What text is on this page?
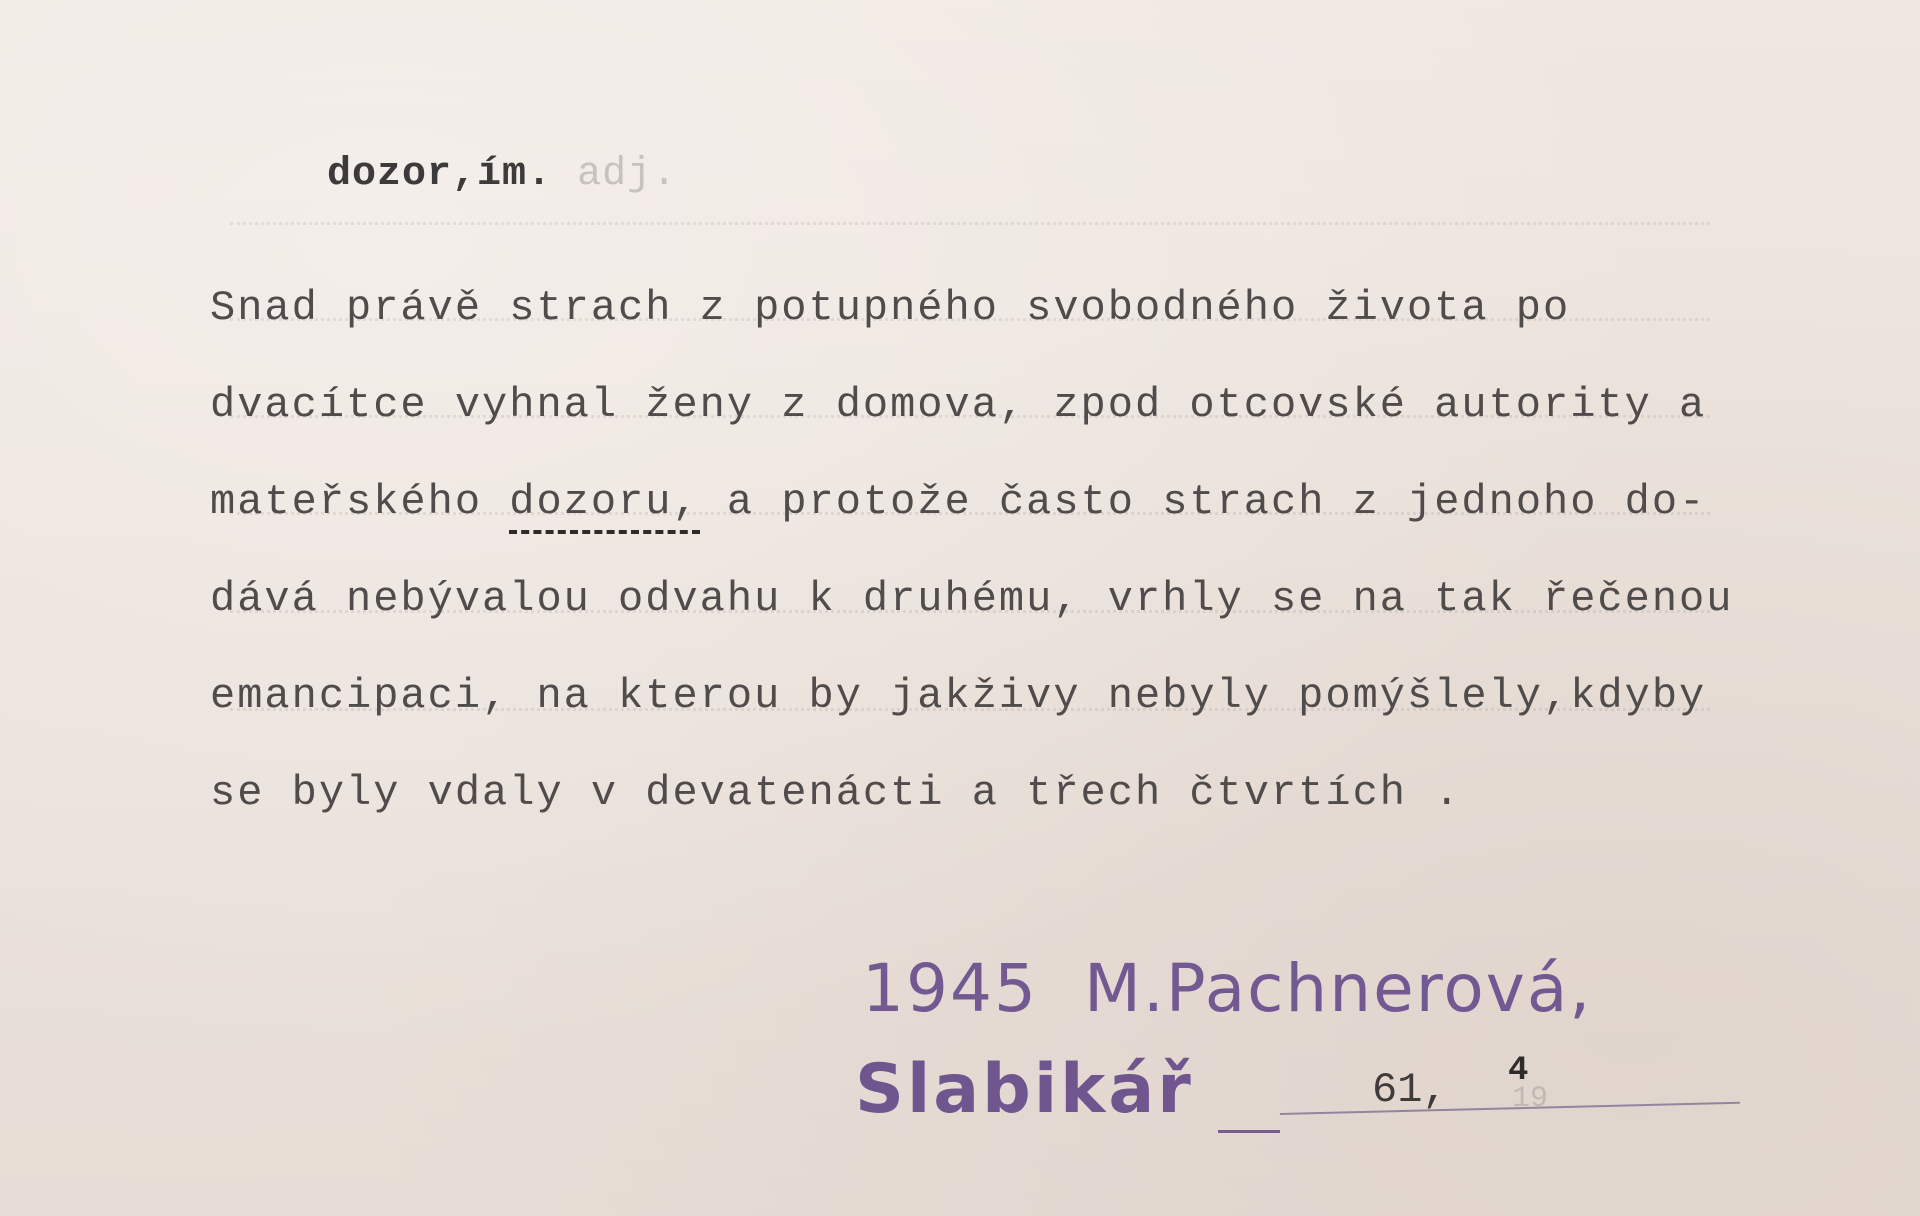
dozor,ím. adj.
Snad právě strach z potupného svobodného života po
dvacítce vyhnal ženy z domova, zpod otcovské autority a
mateřského dozoru, a protože často strach z jednoho do-
dává nebývalou odvahu k druhému, vrhly se na tak řečenou
emancipaci, na kterou by jakživy nebyly pomýšlely,kdyby
se byly vdaly v devatenácti a třech čtvrtích .
1945 M.Pachnerová,
Slabikář	61, 4
19
